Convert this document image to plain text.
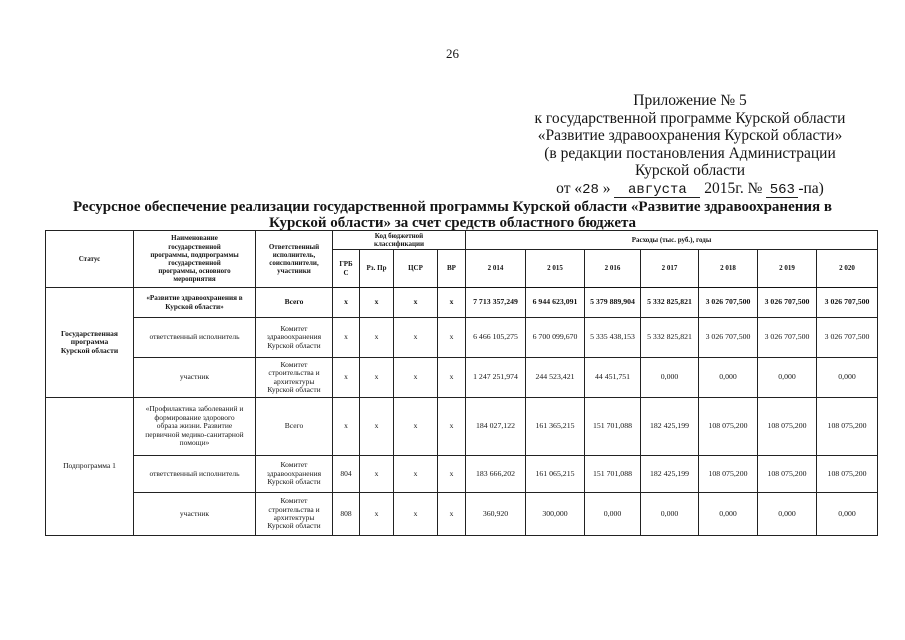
26
Приложение № 5
к государственной программе Курской области
«Развитие здравоохранения Курской области»
(в редакции постановления Администрации
Курской области
от «28 » августа 2015г. № 563 -па)
Ресурсное обеспечение реализации государственной программы Курской области «Развитие здравоохранения в
Курской области» за счет средств областного бюджета
Статус	Наименование государственной программы, подпрограммы государственной программы, основного мероприятия	Ответственный исполнитель, соисполнители, участники	Код бюджетной классификации				Расходы (тыс. руб.), годы						
			ГРБС	Рз. Пр	ЦСР	ВР	2 014	2 015	2 016	2 017	2 018	2 019	2 020

Государственная программа Курской области	«Развитие здравоохранения в Курской области»	Всего	x	x	x	x	7 713 357,249	6 944 623,091	5 379 889,904	5 332 825,821	3 026 707,500	3 026 707,500	3 026 707,500
	ответственный исполнитель	Комитет здравоохранения Курской области	x	x	x	x	6 466 105,275	6 700 099,670	5 335 438,153	5 332 825,821	3 026 707,500	3 026 707,500	3 026 707,500
	участник	Комитет строительства и архитектуры Курской области	x	x	x	x	1 247 251,974	244 523,421	44 451,751	0,000	0,000	0,000	0,000

Подпрограмма 1	«Профилактика заболеваний и формирование здорового образа жизни. Развитие первичной медико-санитарной помощи»	Всего	x	x	x	x	184 027,122	161 365,215	151 701,088	182 425,199	108 075,200	108 075,200	108 075,200
	ответственный исполнитель	Комитет здравоохранения Курской области	804	x	x	x	183 666,202	161 065,215	151 701,088	182 425,199	108 075,200	108 075,200	108 075,200
	участник	Комитет строительства и архитектуры Курской области	808	x	x	x	360,920	300,000	0,000	0,000	0,000	0,000	0,000
